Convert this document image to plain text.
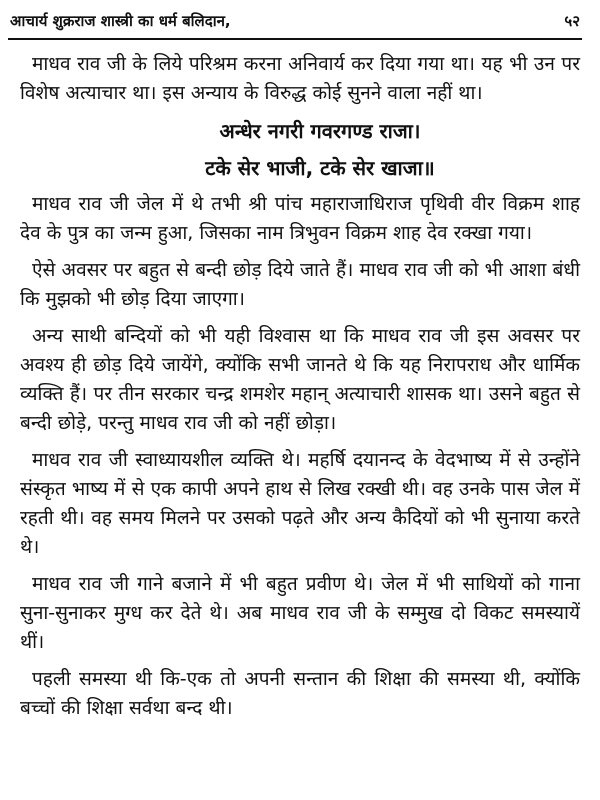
आचार्य शुक्रराज शास्त्री का धर्म बलिदान,	५२

माधव राव जी के लिये परिश्रम करना अनिवार्य कर दिया गया था। यह भी उन पर विशेष अत्याचार था। इस अन्याय के विरुद्ध कोई सुनने वाला नहीं था।

अन्धेर नगरी गवरगण्ड राजा।

टके सेर भाजी, टके सेर खाजा॥

माधव राव जी जेल में थे तभी श्री पांच महाराजाधिराज पृथिवी वीर विक्रम शाह देव के पुत्र का जन्म हुआ, जिसका नाम त्रिभुवन विक्रम शाह देव रक्खा गया।

ऐसे अवसर पर बहुत से बन्दी छोड़ दिये जाते हैं। माधव राव जी को भी आशा बंधी कि मुझको भी छोड़ दिया जाएगा।

अन्य साथी बन्दियों को भी यही विश्वास था कि माधव राव जी इस अवसर पर अवश्य ही छोड़ दिये जायेंगे, क्योंकि सभी जानते थे कि यह निरापराध और धार्मिक व्यक्ति हैं। पर तीन सरकार चन्द्र शमशेर महान् अत्याचारी शासक था। उसने बहुत से बन्दी छोड़े, परन्तु माधव राव जी को नहीं छोड़ा।

माधव राव जी स्वाध्यायशील व्यक्ति थे। महर्षि दयानन्द के वेदभाष्य में से उन्होंने संस्कृत भाष्य में से एक कापी अपने हाथ से लिख रक्खी थी। वह उनके पास जेल में रहती थी। वह समय मिलने पर उसको पढ़ते और अन्य कैदियों को भी सुनाया करते थे।

माधव राव जी गाने बजाने में भी बहुत प्रवीण थे। जेल में भी साथियों को गाना सुना-सुनाकर मुग्ध कर देते थे। अब माधव राव जी के सम्मुख दो विकट समस्यायें थीं।

पहली समस्या थी कि-एक तो अपनी सन्तान की शिक्षा की समस्या थी, क्योंकि बच्चों की शिक्षा सर्वथा बन्द थी।
